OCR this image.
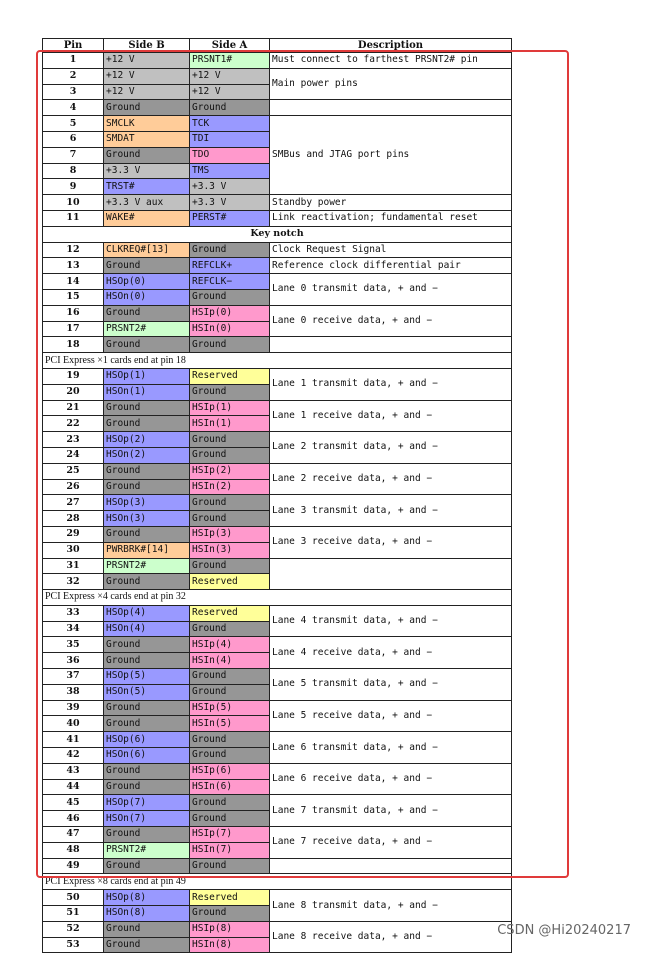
Pin	Side B	Side A	Description
1	+12 V	PRSNT1#	Must connect to farthest PRSNT2# pin
2	+12 V	+12 V	Main power pins
3	+12 V	+12 V	
4	Ground	Ground	
5	SMCLK	TCK	SMBus and JTAG port pins
6	SMDAT	TDI	
7	Ground	TDO	
8	+3.3 V	TMS	
9	TRST#	+3.3 V	
10	+3.3 V aux	+3.3 V	Standby power
11	WAKE#	PERST#	Link reactivation; fundamental reset
Key notch			
12	CLKREQ#[13]	Ground	Clock Request Signal
13	Ground	REFCLK+	Reference clock differential pair
14	HSOp(0)	REFCLK−	Lane 0 transmit data, + and −
15	HSOn(0)	Ground	
16	Ground	HSIp(0)	Lane 0 receive data, + and −
17	PRSNT2#	HSIn(0)	
18	Ground	Ground	
PCI Express ×1 cards end at pin 18			
19	HSOp(1)	Reserved	Lane 1 transmit data, + and −
20	HSOn(1)	Ground	
21	Ground	HSIp(1)	Lane 1 receive data, + and −
22	Ground	HSIn(1)	
23	HSOp(2)	Ground	Lane 2 transmit data, + and −
24	HSOn(2)	Ground	
25	Ground	HSIp(2)	Lane 2 receive data, + and −
26	Ground	HSIn(2)	
27	HSOp(3)	Ground	Lane 3 transmit data, + and −
28	HSOn(3)	Ground	
29	Ground	HSIp(3)	Lane 3 receive data, + and −
30	PWRBRK#[14]	HSIn(3)	
31	PRSNT2#	Ground	
32	Ground	Reserved	
PCI Express ×4 cards end at pin 32			
33	HSOp(4)	Reserved	Lane 4 transmit data, + and −
34	HSOn(4)	Ground	
35	Ground	HSIp(4)	Lane 4 receive data, + and −
36	Ground	HSIn(4)	
37	HSOp(5)	Ground	Lane 5 transmit data, + and −
38	HSOn(5)	Ground	
39	Ground	HSIp(5)	Lane 5 receive data, + and −
40	Ground	HSIn(5)	
41	HSOp(6)	Ground	Lane 6 transmit data, + and −
42	HSOn(6)	Ground	
43	Ground	HSIp(6)	Lane 6 receive data, + and −
44	Ground	HSIn(6)	
45	HSOp(7)	Ground	Lane 7 transmit data, + and −
46	HSOn(7)	Ground	
47	Ground	HSIp(7)	Lane 7 receive data, + and −
48	PRSNT2#	HSIn(7)	
49	Ground	Ground	
PCI Express ×8 cards end at pin 49			
50	HSOp(8)	Reserved	Lane 8 transmit data, + and −
51	HSOn(8)	Ground	
52	Ground	HSIp(8)	Lane 8 receive data, + and −
53	Ground	HSIn(8)	
CSDN @Hi20240217
